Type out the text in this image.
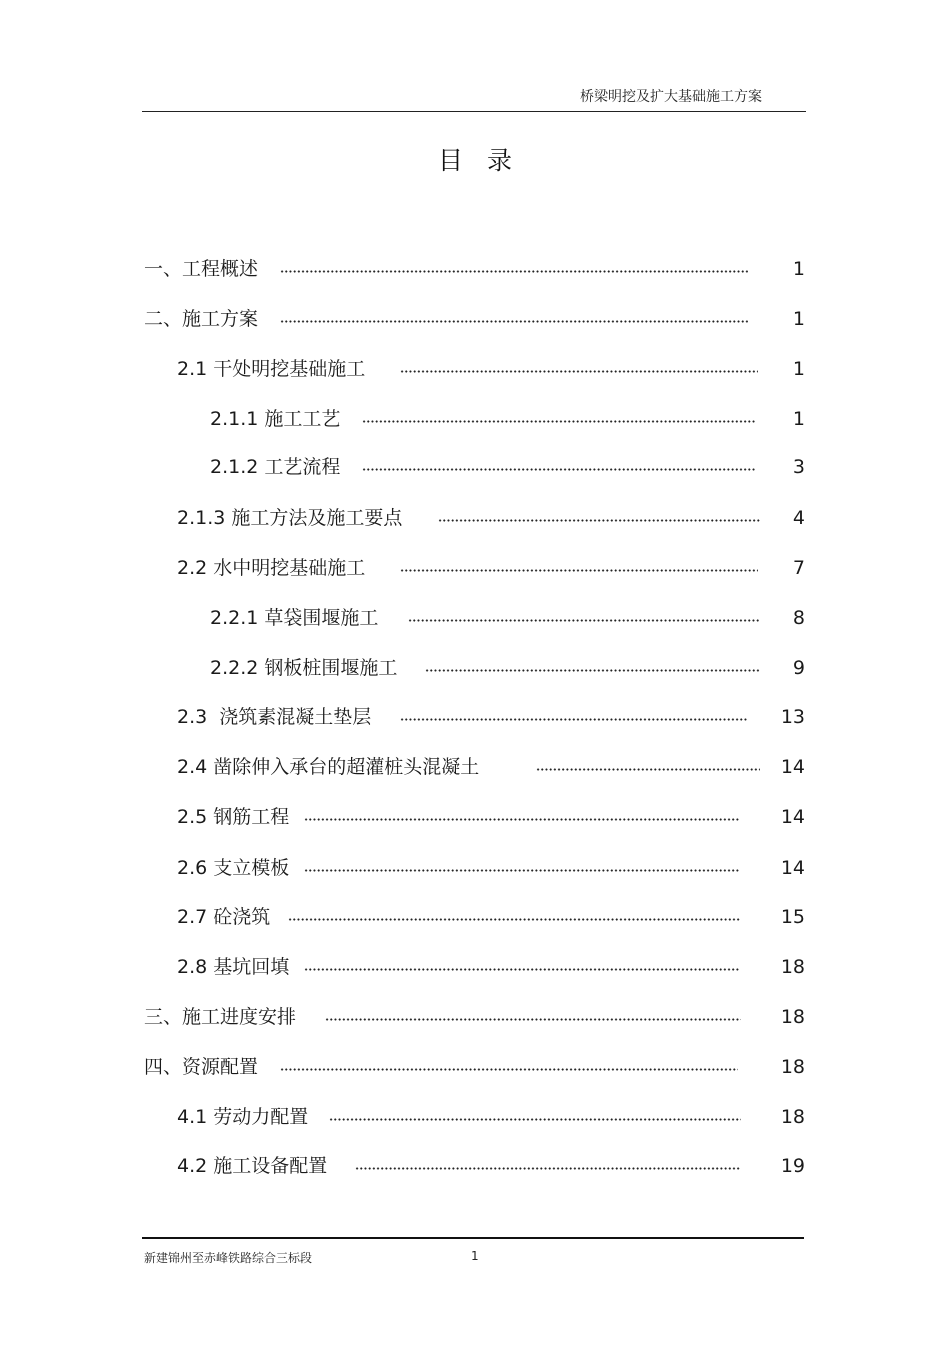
桥梁明挖及扩大基础施工方案
目录
一、工程概述	1
二、施工方案	1
2.1 干处明挖基础施工	1
2.1.1 施工工艺	1
2.1.2 工艺流程	3
2.1.3 施工方法及施工要点	4
2.2 水中明挖基础施工	7
2.2.1 草袋围堰施工	8
2.2.2 钢板桩围堰施工	9
2.3 浇筑素混凝土垫层	13
2.4 凿除伸入承台的超灌桩头混凝土	14
2.5 钢筋工程	14
2.6 支立模板	14
2.7 砼浇筑	15
2.8 基坑回填	18
三、施工进度安排	18
四、资源配置	18
4.1 劳动力配置	18
4.2 施工设备配置	19
新建锦州至赤峰铁路综合三标段	1
